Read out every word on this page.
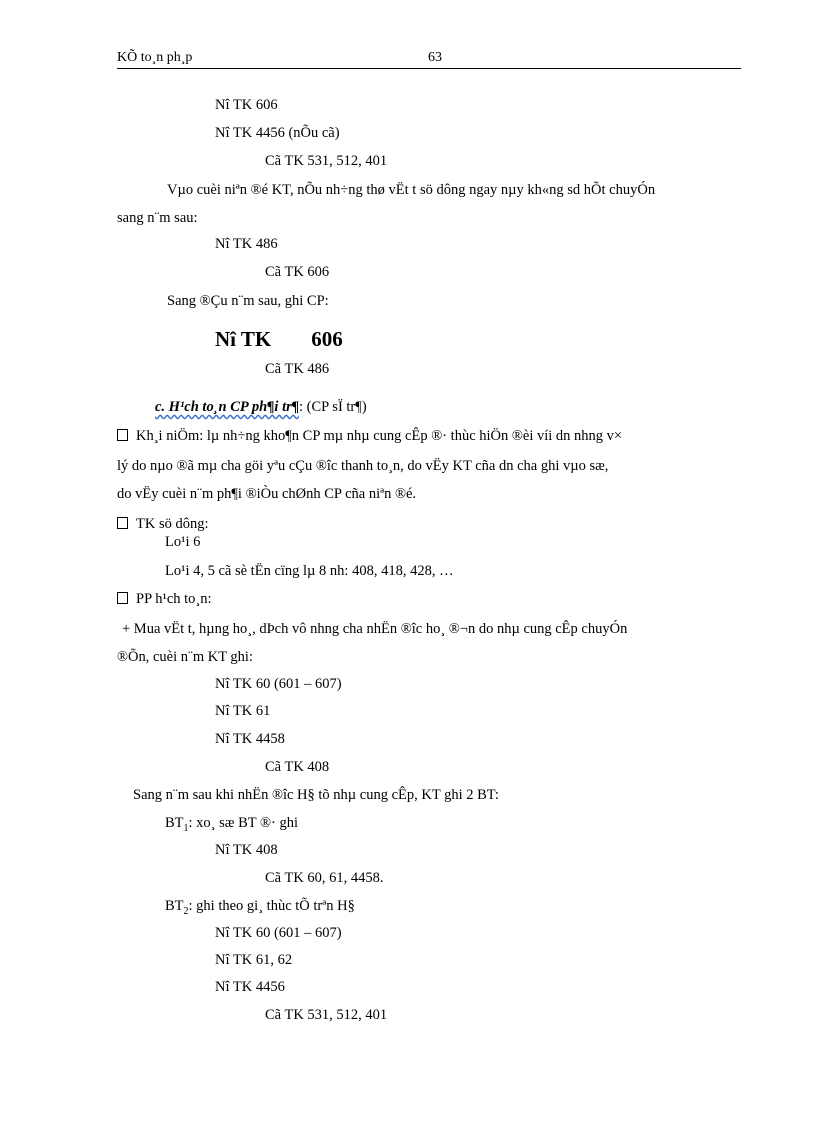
KÕ to¸n ph¸p	63
Nî TK 606
Nî TK 4456 (nÕu cã)
Cã TK 531, 512, 401
Vµo cuèi niªn ®é KT, nÕu nh÷ng thø vËt t sö dông ngay nµy kh«ng sd hÕt chuyÓn
sang n¨m sau:
Nî TK 486
Cã TK 606
Sang ®Çu n¨m sau, ghi CP:
Nî TK 606
Cã TK 486
c. H¹ch to¸n CP ph¶i tr¶: (CP sÏ tr¶)
Kh¸i niÖm: lµ nh÷ng kho¶n CP mµ nhµ cung cÊp ®· thùc hiÖn ®èi víi dn nhng v×
lý do nµo ®ã mµ cha göi yªu cÇu ®îc thanh to¸n, do vËy KT cña dn cha ghi vµo sæ,
do vËy cuèi n¨m ph¶i ®iÒu chØnh CP cña niªn ®é.
TK sö dông:
Lo¹i 6
Lo¹i 4, 5 cã sè tËn cïng lµ 8 nh: 408, 418, 428, …
PP h¹ch to¸n:
+ Mua vËt t, hµng ho¸, dÞch vô nhng cha nhËn ®îc ho¸ ®¬n do nhµ cung cÊp chuyÓn
®Õn, cuèi n¨m KT ghi:
Nî TK 60 (601 – 607)
Nî TK 61
Nî TK 4458
Cã TK 408
Sang n¨m sau khi nhËn ®îc H§ tõ nhµ cung cÊp, KT ghi 2 BT:
$BT_1$: xo¸ sæ BT ®· ghi
Nî TK 408
Cã TK 60, 61, 4458.
$BT_2$: ghi theo gi¸ thùc tÕ trªn H§
Nî TK 60 (601 – 607)
Nî TK 61, 62
Nî TK 4456
Cã TK 531, 512, 401
